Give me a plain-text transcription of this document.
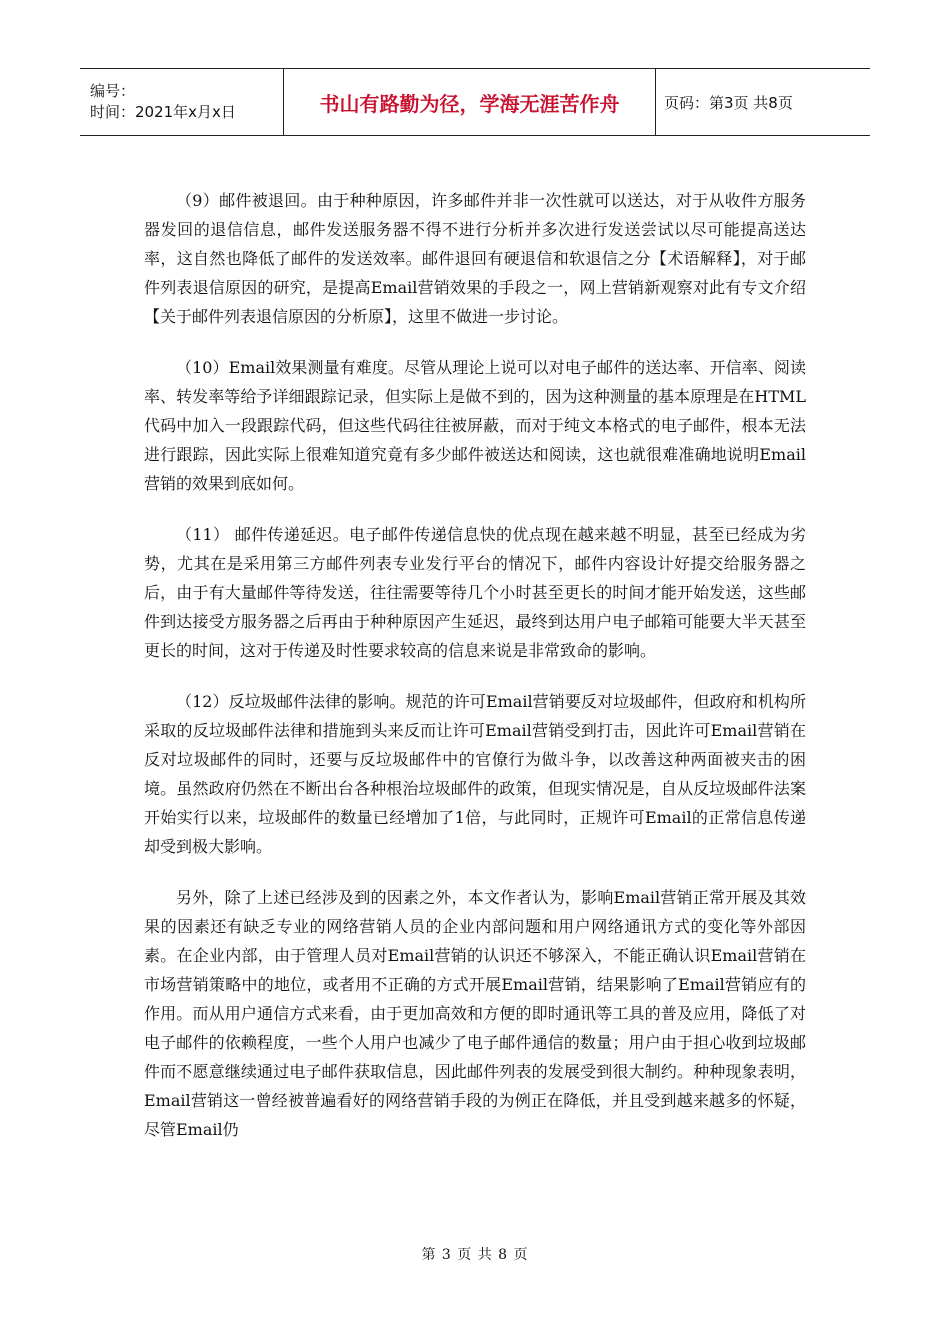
编号：
时间：2021年x月x日	书山有路勤为径，学海无涯苦作舟	页码：第3页 共8页

（9）邮件被退回。由于种种原因，许多邮件并非一次性就可以送达，对于从收件方服务器发回的退信信息，邮件发送服务器不得不进行分析并多次进行发送尝试以尽可能提高送达率，这自然也降低了邮件的发送效率。邮件退回有硬退信和软退信之分【术语解释】，对于邮件列表退信原因的研究，是提高Email营销效果的手段之一，网上营销新观察对此有专文介绍【关于邮件列表退信原因的分析原】，这里不做进一步讨论。

（10）Email效果测量有难度。尽管从理论上说可以对电子邮件的送达率、开信率、阅读率、转发率等给予详细跟踪记录，但实际上是做不到的，因为这种测量的基本原理是在HTML代码中加入一段跟踪代码，但这些代码往往被屏蔽，而对于纯文本格式的电子邮件，根本无法进行跟踪，因此实际上很难知道究竟有多少邮件被送达和阅读，这也就很难准确地说明Email营销的效果到底如何。

（11） 邮件传递延迟。电子邮件传递信息快的优点现在越来越不明显，甚至已经成为劣势，尤其在是采用第三方邮件列表专业发行平台的情况下，邮件内容设计好提交给服务器之后，由于有大量邮件等待发送，往往需要等待几个小时甚至更长的时间才能开始发送，这些邮件到达接受方服务器之后再由于种种原因产生延迟，最终到达用户电子邮箱可能要大半天甚至更长的时间，这对于传递及时性要求较高的信息来说是非常致命的影响。

（12）反垃圾邮件法律的影响。规范的许可Email营销要反对垃圾邮件，但政府和机构所采取的反垃圾邮件法律和措施到头来反而让许可Email营销受到打击，因此许可Email营销在反对垃圾邮件的同时，还要与反垃圾邮件中的官僚行为做斗争，以改善这种两面被夹击的困境。虽然政府仍然在不断出台各种根治垃圾邮件的政策，但现实情况是，自从反垃圾邮件法案开始实行以来，垃圾邮件的数量已经增加了1倍，与此同时，正规许可Email的正常信息传递却受到极大影响。

另外，除了上述已经涉及到的因素之外，本文作者认为，影响Email营销正常开展及其效果的因素还有缺乏专业的网络营销人员的企业内部问题和用户网络通讯方式的变化等外部因素。在企业内部，由于管理人员对Email营销的认识还不够深入，不能正确认识Email营销在市场营销策略中的地位，或者用不正确的方式开展Email营销，结果影响了Email营销应有的作用。而从用户通信方式来看，由于更加高效和方便的即时通讯等工具的普及应用，降低了对电子邮件的依赖程度，一些个人用户也减少了电子邮件通信的数量；用户由于担心收到垃圾邮件而不愿意继续通过电子邮件获取信息，因此邮件列表的发展受到很大制约。种种现象表明，Email营销这一曾经被普遍看好的网络营销手段的为例正在降低，并且受到越来越多的怀疑，尽管Email仍

第 3 页 共 8 页
